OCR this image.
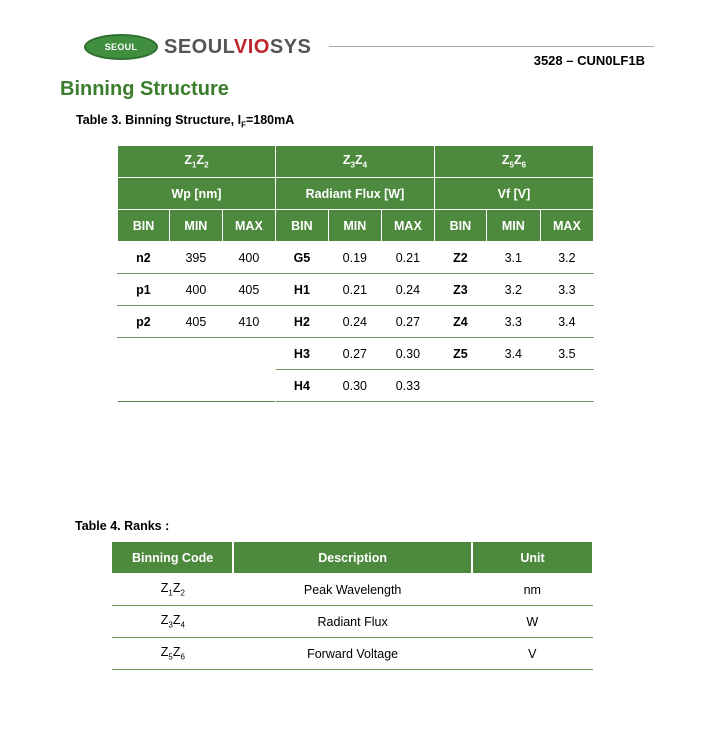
SEOUL	SEOULVIOSYS
3528 – CUN0LF1B
Binning Structure
Table 3. Binning Structure, $I_F=180mA$
$Z_1Z_2$			$Z_3Z_4$			$Z_5Z_6$
Wp [nm]			Radiant Flux [W]			Vf [V]		
BIN	MIN	MAX	BIN	MIN	MAX	BIN	MIN	MAX
n2	395	400	G5	0.19	0.21	Z2	3.1	3.2
p1	400	405	H1	0.21	0.24	Z3	3.2	3.3
p2	405	410	H2	0.24	0.27	Z4	3.3	3.4
			H3	0.27	0.30	Z5	3.4	3.5
			H4	0.30	0.33			
Table 4. Ranks :
Binning Code	Description	Unit
$Z_1Z_2$	Peak Wavelength	nm
$Z_3Z_4$	Radiant Flux	W
$Z_5Z_6$	Forward Voltage	V
